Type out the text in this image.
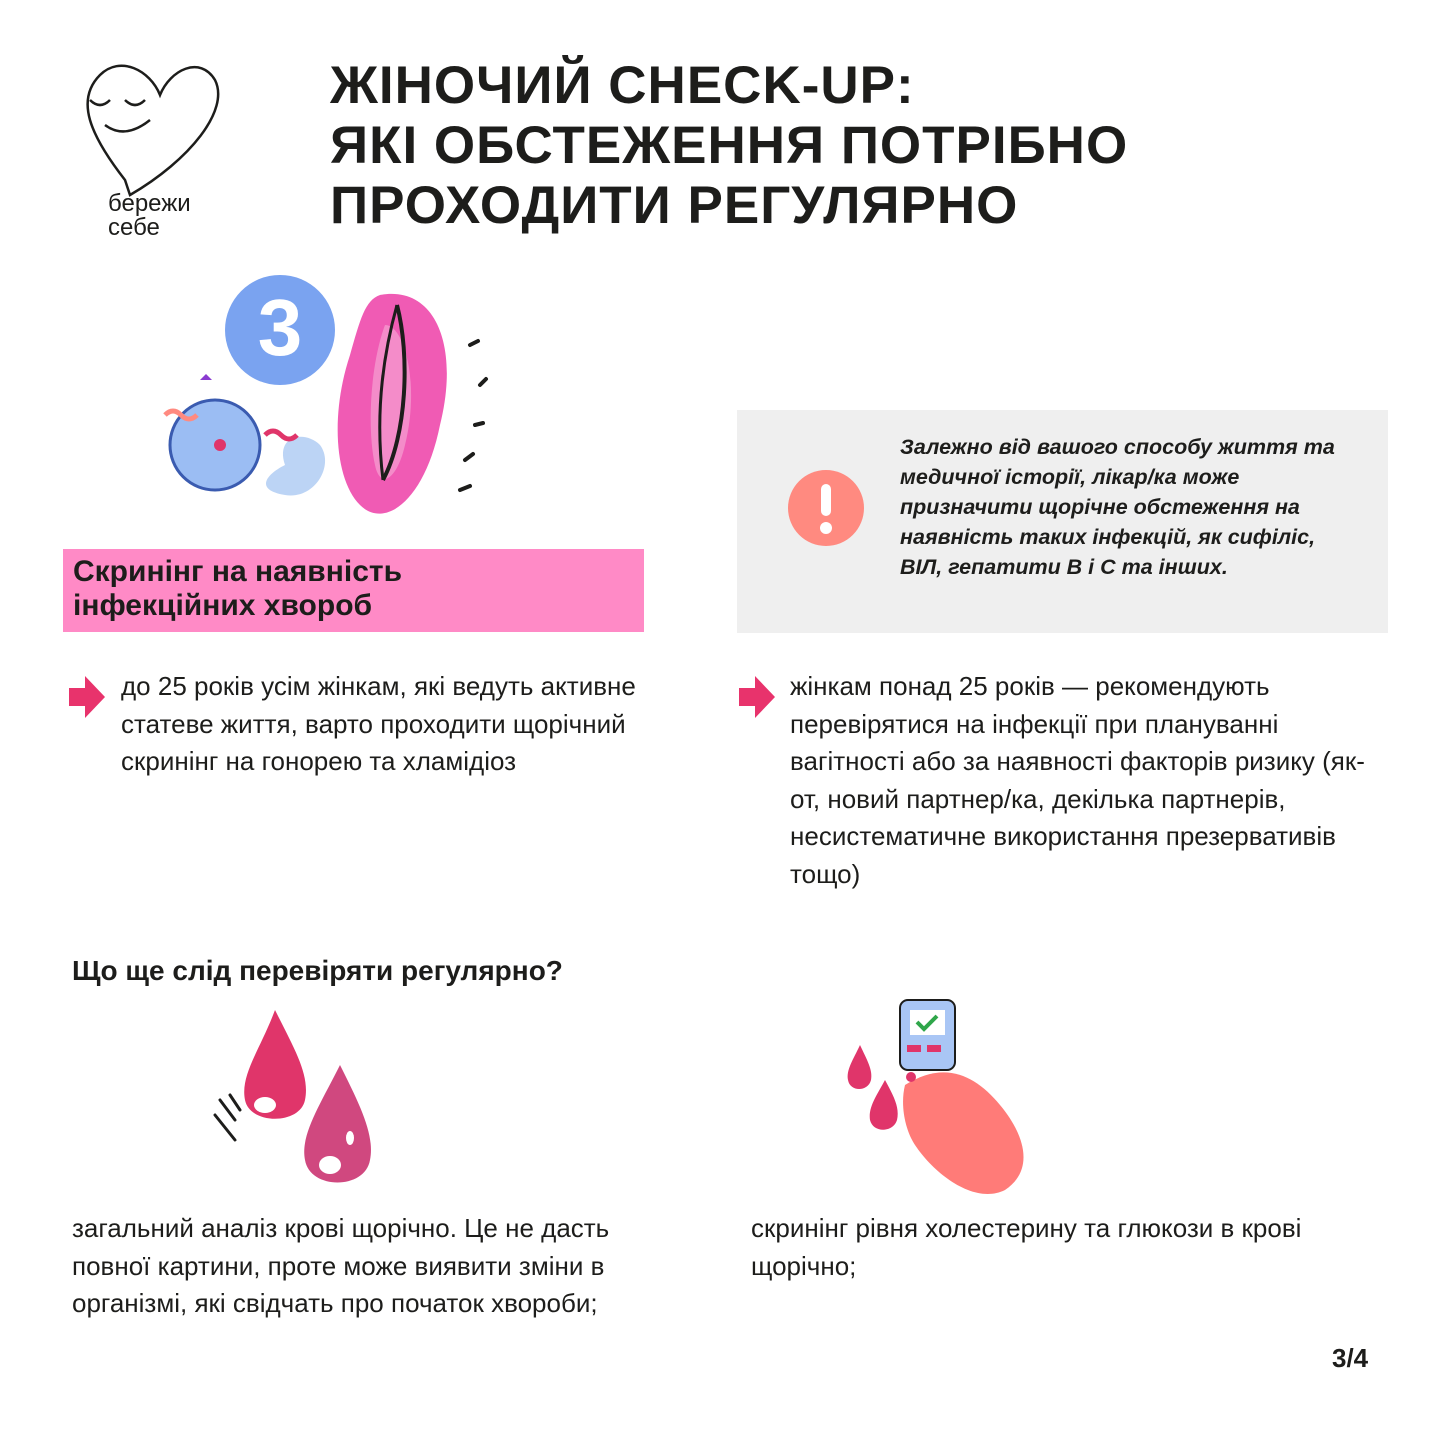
бережи
себе
ЖІНОЧИЙ CHECK-UP:
ЯКІ ОБСТЕЖЕННЯ ПОТРІБНО
ПРОХОДИТИ РЕГУЛЯРНО
3
Скринінг на наявність
інфекційних хвороб
Залежно від вашого способу життя та медичної історії, лікар/ка може призначити щорічне обстеження на наявність таких інфекцій, як сифіліс, ВІЛ, гепатити В і С та інших.
до 25 років усім жінкам, які ведуть активне статеве життя, варто проходити щорічний скринінг на гонорею та хламідіоз
жінкам понад 25 років — рекомендують перевірятися на інфекції при плануванні вагітності або за наявності факторів ризику (як-от, новий партнер/ка, декілька партнерів, несистематичне використання презервативів тощо)
Що ще слід перевіряти регулярно?
загальний аналіз крові щорічно. Це не дасть повної картини, проте може виявити зміни в організмі, які свідчать про початок хвороби;
скринінг рівня холестерину та глюкози в крові щорічно;
3/4
